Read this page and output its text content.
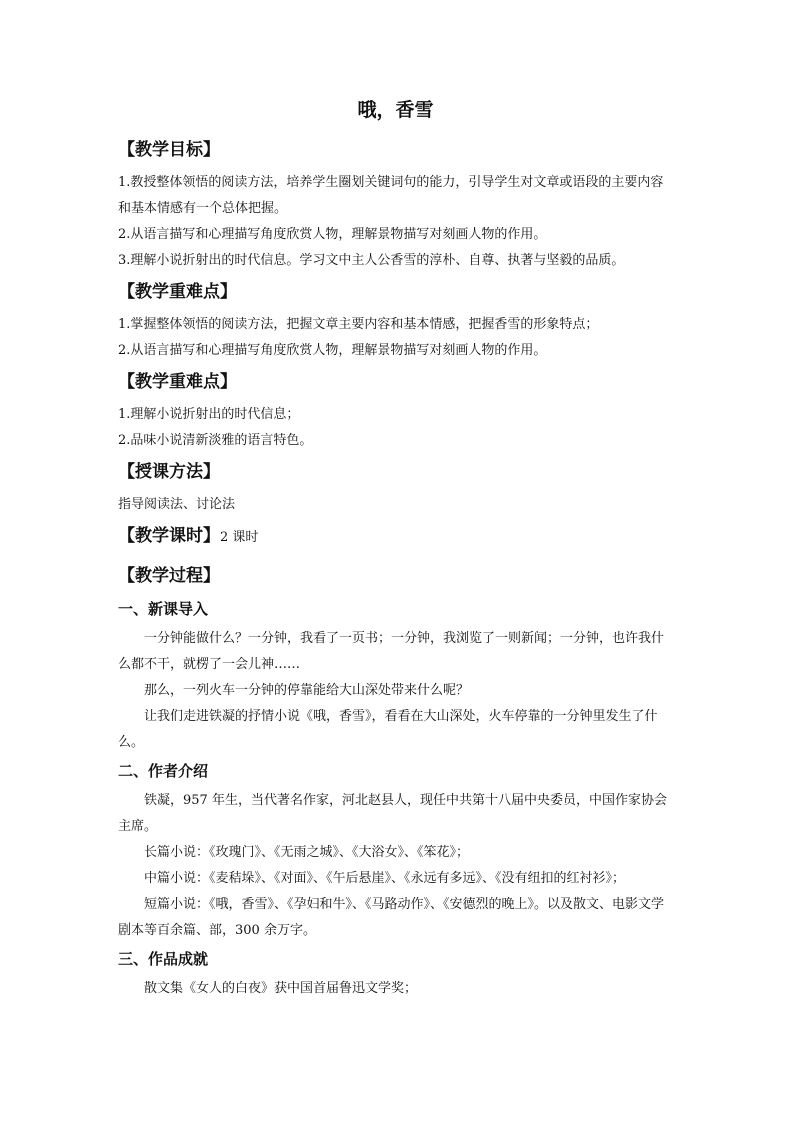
哦，香雪
【教学目标】

1.教授整体领悟的阅读方法，培养学生圈划关键词句的能力，引导学生对文章或语段的主要内容和基本情感有一个总体把握。

2.从语言描写和心理描写角度欣赏人物，理解景物描写对刻画人物的作用。

3.理解小说折射出的时代信息。学习文中主人公香雪的淳朴、自尊、执著与坚毅的品质。

【教学重难点】

1.掌握整体领悟的阅读方法，把握文章主要内容和基本情感，把握香雪的形象特点；

2.从语言描写和心理描写角度欣赏人物，理解景物描写对刻画人物的作用。

【教学重难点】

1.理解小说折射出的时代信息；

2.品味小说清新淡雅的语言特色。

【授课方法】

指导阅读法、讨论法

【教学课时】2 课时
【教学过程】
一、新课导入

一分钟能做什么？一分钟，我看了一页书；一分钟，我浏览了一则新闻；一分钟，也许我什么都不干，就楞了一会儿神……

那么，一列火车一分钟的停靠能给大山深处带来什么呢？

让我们走进铁凝的抒情小说《哦，香雪》，看看在大山深处，火车停靠的一分钟里发生了什么。

二、作者介绍

铁凝，957 年生，当代著名作家，河北赵县人，现任中共第十八届中央委员，中国作家协会主席。

长篇小说：《玫瑰门》、《无雨之城》、《大浴女》、《笨花》；

中篇小说：《麦秸垛》、《对面》、《午后悬崖》、《永远有多远》、《没有纽扣的红衬衫》；

短篇小说：《哦，香雪》、《孕妇和牛》、《马路动作》、《安德烈的晚上》。以及散文、电影文学剧本等百余篇、部，300 余万字。

三、作品成就

散文集《女人的白夜》获中国首届鲁迅文学奖；
